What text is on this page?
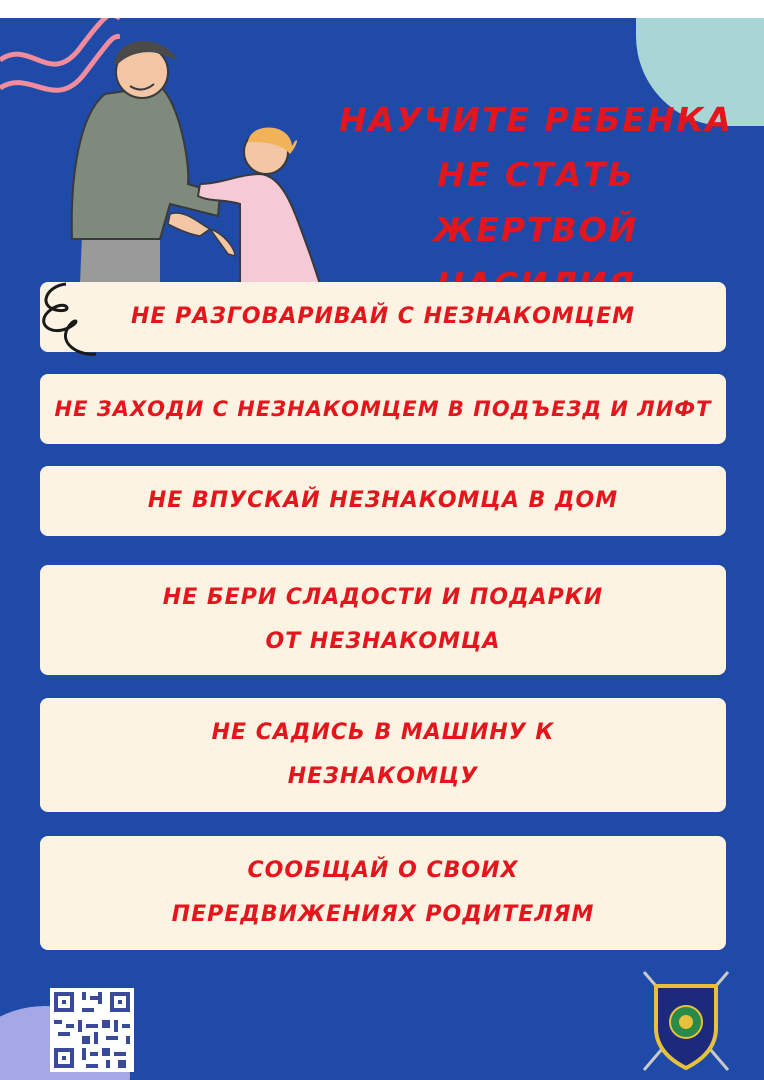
НАУЧИТЕ РЕБЕНКА
НЕ СТАТЬ ЖЕРТВОЙ
НЕ РАЗГОВАРИВАЙ С НЕЗНАКОМЦЕМ
НЕ ЗАХОДИ С НЕЗНАКОМЦЕМ В ПОДЪЕЗД И ЛИФТ
НЕ ВПУСКАЙ НЕЗНАКОМЦА В ДОМ
НЕ БЕРИ СЛАДОСТИ И ПОДАРКИ ОТ НЕЗНАКОМЦА
НЕ САДИСЬ В МАШИНУ К НЕЗНАКОМЦУ
СООБЩАЙ О СВОИХ ПЕРЕДВИЖЕНИЯХ РОДИТЕЛЯМ
